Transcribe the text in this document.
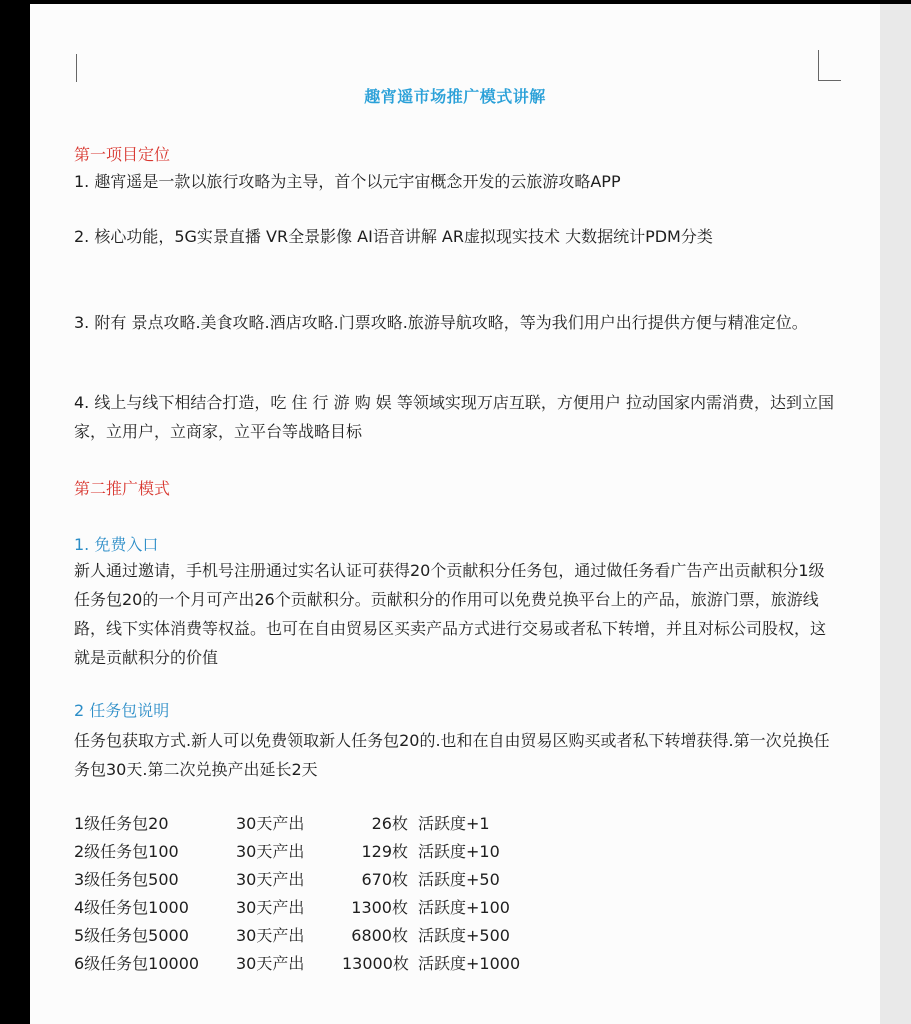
趣宵遥市场推广模式讲解
第一项目定位
1. 趣宵遥是一款以旅行攻略为主导，首个以元宇宙概念开发的云旅游攻略APP
2. 核心功能，5G实景直播 VR全景影像 AI语音讲解 AR虚拟现实技术 大数据统计PDM分类
3. 附有 景点攻略.美食攻略.酒店攻略.门票攻略.旅游导航攻略，等为我们用户出行提供方便与精准定位。
4. 线上与线下相结合打造，吃 住 行 游 购 娱 等领域实现万店互联，方便用户 拉动国家内需消费，达到立国家，立用户，立商家，立平台等战略目标
第二推广模式
1. 免费入口
新人通过邀请，手机号注册通过实名认证可获得20个贡献积分任务包，通过做任务看广告产出贡献积分1级任务包20的一个月可产出26个贡献积分。贡献积分的作用可以免费兑换平台上的产品，旅游门票，旅游线路，线下实体消费等权益。也可在自由贸易区买卖产品方式进行交易或者私下转增，并且对标公司股权，这就是贡献积分的价值
2 任务包说明
任务包获取方式.新人可以免费领取新人任务包20的.也和在自由贸易区购买或者私下转增获得.第一次兑换任务包30天.第二次兑换产出延长2天
1级任务包20	30天产出	26枚 活跃度+1
2级任务包100	30天产出	129枚 活跃度+10
3级任务包500	30天产出	670枚 活跃度+50
4级任务包1000	30天产出	1300枚 活跃度+100
5级任务包5000	30天产出	6800枚 活跃度+500
6级任务包10000 30天产出 13000枚 活跃度+1000
